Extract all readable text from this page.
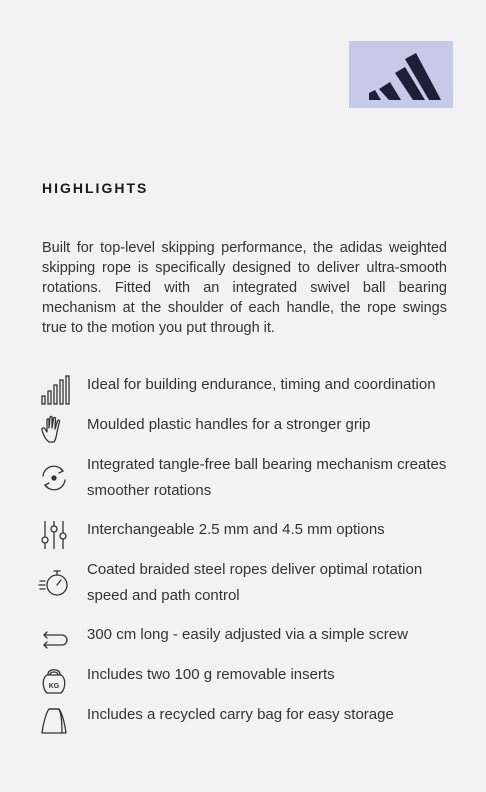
HIGHLIGHTS
Built for top-level skipping performance, the adidas weighted skipping rope is specifically designed to deliver ultra-smooth rotations. Fitted with an integrated swivel ball bearing mechanism at the shoulder of each handle, the rope swings true to the motion you put through it.
Ideal for building endurance, timing and coordination
Moulded plastic handles for a stronger grip
Integrated tangle-free ball bearing mechanism creates smoother rotations
Interchangeable 2.5 mm and 4.5 mm options
Coated braided steel ropes deliver optimal rotation speed and path control
300 cm long - easily adjusted via a simple screw
KG
Includes two 100 g removable inserts
Includes a recycled carry bag for easy storage
